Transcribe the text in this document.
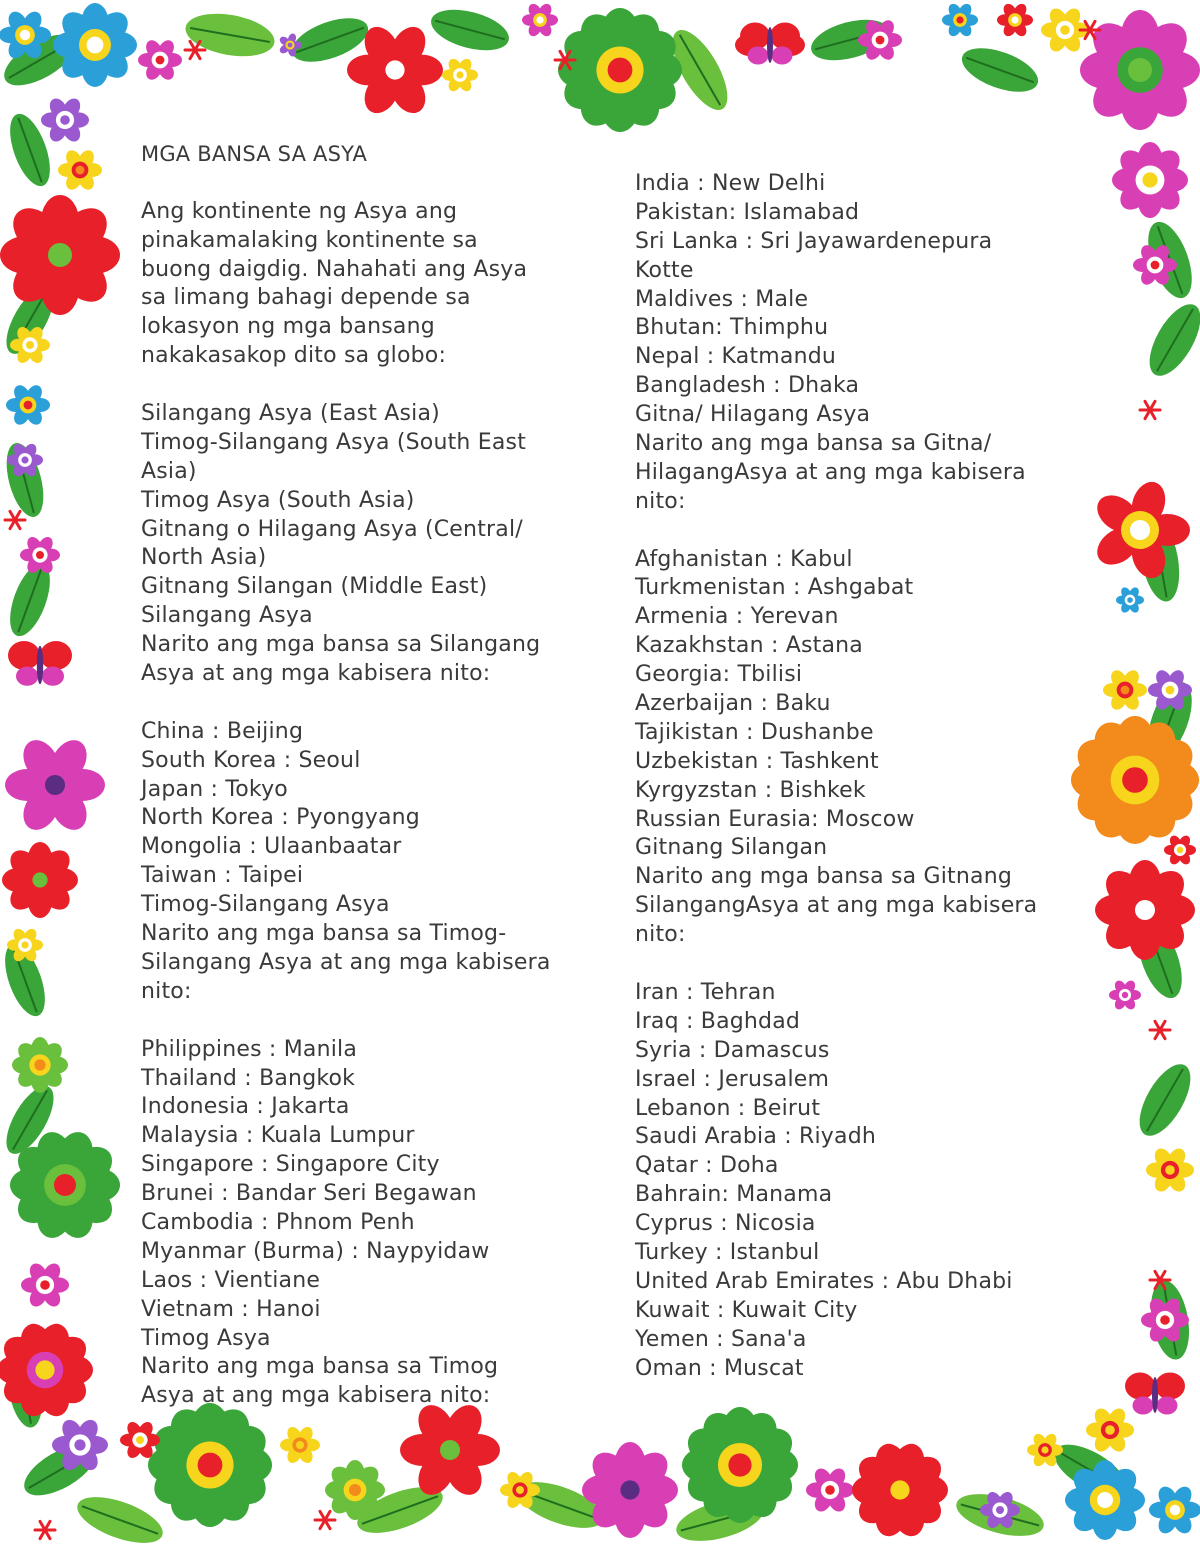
MGA BANSA SA ASYA
Ang kontinente ng Asya ang
pinakamalaking kontinente sa
buong daigdig. Nahahati ang Asya
sa limang bahagi depende sa
lokasyon ng mga bansang
nakakasakop dito sa globo:
Silangang Asya (East Asia)
Timog-Silangang Asya (South East
Asia)
Timog Asya (South Asia)
Gitnang o Hilagang Asya (Central/
North Asia)
Gitnang Silangan (Middle East)
Silangang Asya
Narito ang mga bansa sa Silangang
Asya at ang mga kabisera nito:
China : Beijing
South Korea : Seoul
Japan : Tokyo
North Korea : Pyongyang
Mongolia : Ulaanbaatar
Taiwan : Taipei
Timog-Silangang Asya
Narito ang mga bansa sa Timog-
Silangang Asya at ang mga kabisera
nito:
Philippines : Manila
Thailand : Bangkok
Indonesia : Jakarta
Malaysia : Kuala Lumpur
Singapore : Singapore City
Brunei : Bandar Seri Begawan
Cambodia : Phnom Penh
Myanmar (Burma) : Naypyidaw
Laos : Vientiane
Vietnam : Hanoi
Timog Asya
Narito ang mga bansa sa Timog
Asya at ang mga kabisera nito:
India : New Delhi
Pakistan: Islamabad
Sri Lanka : Sri Jayawardenepura
Kotte
Maldives : Male
Bhutan: Thimphu
Nepal : Katmandu
Bangladesh : Dhaka
Gitna/ Hilagang Asya
Narito ang mga bansa sa Gitna/
HilagangAsya at ang mga kabisera
nito:
Afghanistan : Kabul
Turkmenistan : Ashgabat
Armenia : Yerevan
Kazakhstan : Astana
Georgia: Tbilisi
Azerbaijan : Baku
Tajikistan : Dushanbe
Uzbekistan : Tashkent
Kyrgyzstan : Bishkek
Russian Eurasia: Moscow
Gitnang Silangan
Narito ang mga bansa sa Gitnang
SilangangAsya at ang mga kabisera
nito:
Iran : Tehran
Iraq : Baghdad
Syria : Damascus
Israel : Jerusalem
Lebanon : Beirut
Saudi Arabia : Riyadh
Qatar : Doha
Bahrain: Manama
Cyprus : Nicosia
Turkey : Istanbul
United Arab Emirates : Abu Dhabi
Kuwait : Kuwait City
Yemen : Sana'a
Oman : Muscat
